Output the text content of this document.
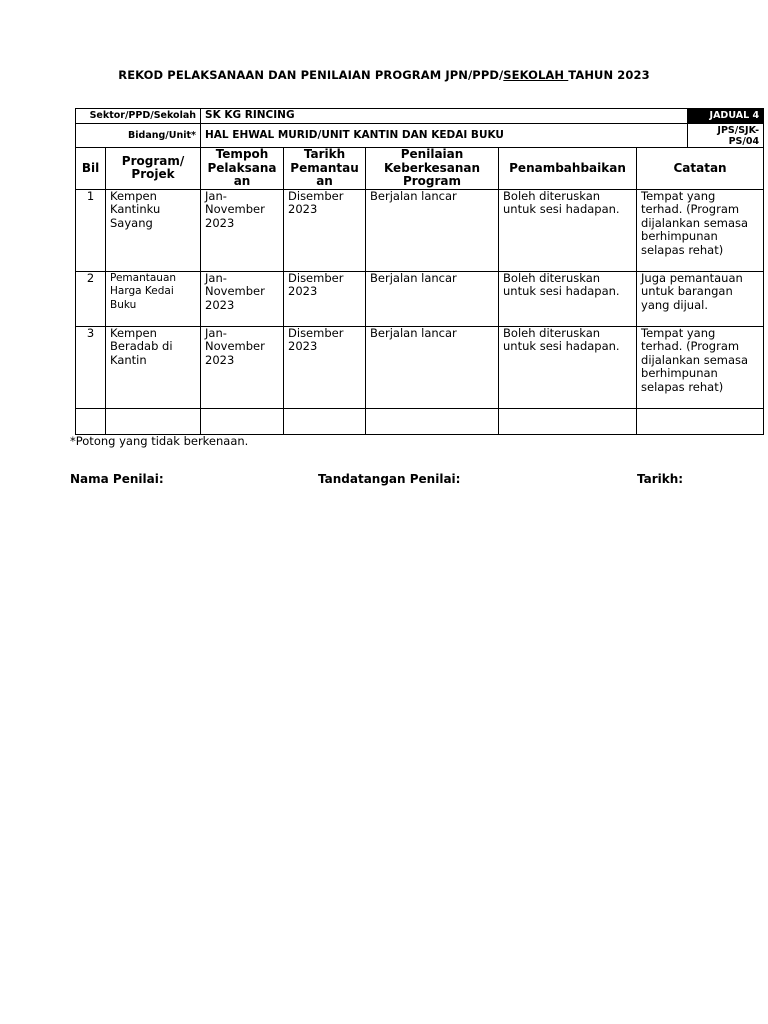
REKOD PELAKSANAAN DAN PENILAIAN PROGRAM JPN/PPD/SEKOLAH TAHUN 2023
Sektor/PPD/Sekolah		SK KG RINCING					JADUAL 4
Bidang/Unit*		HAL EHWAL MURID/UNIT KANTIN DAN KEDAI BUKU					JPS/SJK-PS/04
Bil	Program/ Projek	Tempoh Pelaksana an	Tarikh Pemantau an	Penilaian Keberkesanan Program	Penambahbaikan	Catatan	
1	Kempen Kantinku Sayang	Jan-November 2023	Disember 2023	Berjalan lancar	Boleh diteruskan untuk sesi hadapan.	Tempat yang terhad. (Program dijalankan semasa berhimpunan selapas rehat)	
2	Pemantauan Harga Kedai Buku	Jan-November 2023	Disember 2023	Berjalan lancar	Boleh diteruskan untuk sesi hadapan.	Juga pemantauan untuk barangan yang dijual.	
3	Kempen Beradab di Kantin	Jan-November 2023	Disember 2023	Berjalan lancar	Boleh diteruskan untuk sesi hadapan.	Tempat yang terhad. (Program dijalankan semasa berhimpunan selapas rehat)	

*Potong yang tidak berkenaan.
Nama Penilai:	Tandatangan Penilai:	Tarikh:
